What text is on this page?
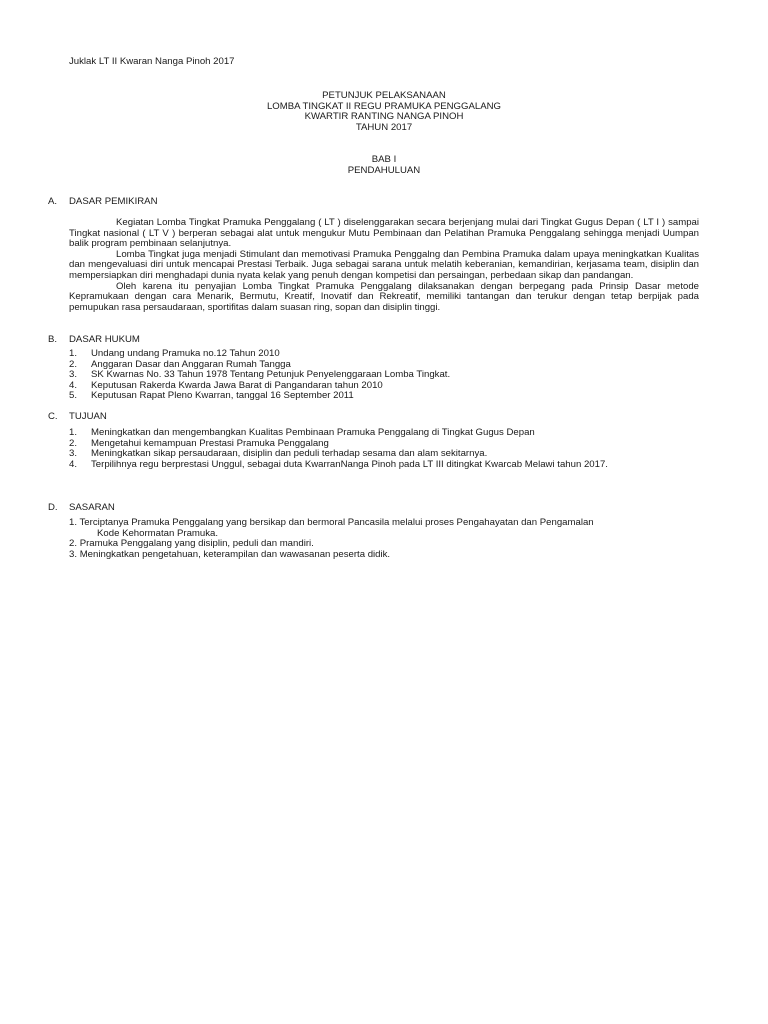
Juklak LT II Kwaran Nanga Pinoh 2017
PETUNJUK PELAKSANAAN
LOMBA TINGKAT II REGU PRAMUKA PENGGALANG
KWARTIR RANTING NANGA PINOH
TAHUN 2017
BAB I
PENDAHULUAN
A. DASAR PEMIKIRAN

Kegiatan Lomba Tingkat Pramuka Penggalang ( LT ) diselenggarakan secara berjenjang mulai dari Tingkat Gugus Depan ( LT I ) sampai Tingkat nasional ( LT V ) berperan sebagai alat untuk mengukur Mutu Pembinaan dan Pelatihan Pramuka Penggalang sehingga menjadi Uumpan balik program pembinaan selanjutnya.

Lomba Tingkat juga menjadi Stimulant dan memotivasi Pramuka Penggalng dan Pembina Pramuka dalam upaya meningkatkan Kualitas dan mengevaluasi diri untuk mencapai Prestasi Terbaik. Juga sebagai sarana untuk melatih keberanian, kemandirian, kerjasama team, disiplin dan mempersiapkan diri menghadapi dunia nyata kelak yang penuh dengan kompetisi dan persaingan, perbedaan sikap dan pandangan.

Oleh karena itu penyajian Lomba Tingkat Pramuka Penggalang dilaksanakan dengan berpegang pada Prinsip Dasar metode Kepramukaan dengan cara Menarik, Bermutu, Kreatif, Inovatif dan Rekreatif, memiliki tantangan dan terukur dengan tetap berpijak pada pemupukan rasa persaudaraan, sportifitas dalam suasan ring, sopan dan disiplin tinggi.

B. DASAR HUKUM
1. Undang undang Pramuka no.12 Tahun 2010
2. Anggaran Dasar dan Anggaran Rumah Tangga
3. SK Kwarnas No. 33 Tahun 1978 Tentang Petunjuk Penyelenggaraan Lomba Tingkat.
4. Keputusan Rakerda Kwarda Jawa Barat di Pangandaran tahun 2010
5. Keputusan Rapat Pleno Kwarran, tanggal 16 September 2011
C. TUJUAN
1. Meningkatkan dan mengembangkan Kualitas Pembinaan Pramuka Penggalang di Tingkat Gugus Depan
2. Mengetahui kemampuan Prestasi Pramuka Penggalang
3. Meningkatkan sikap persaudaraan, disiplin dan peduli terhadap sesama dan alam sekitarnya.
4. Terpilihnya regu berprestasi Unggul, sebagai duta KwarranNanga Pinoh pada LT III ditingkat Kwarcab Melawi tahun 2017.
D. SASARAN
1. Terciptanya Pramuka Penggalang yang bersikap dan bermoral Pancasila melalui proses Pengahayatan dan Pengamalan
Kode Kehormatan Pramuka.
2. Pramuka Penggalang yang disiplin, peduli dan mandiri.
3. Meningkatkan pengetahuan, keterampilan dan wawasanan peserta didik.
